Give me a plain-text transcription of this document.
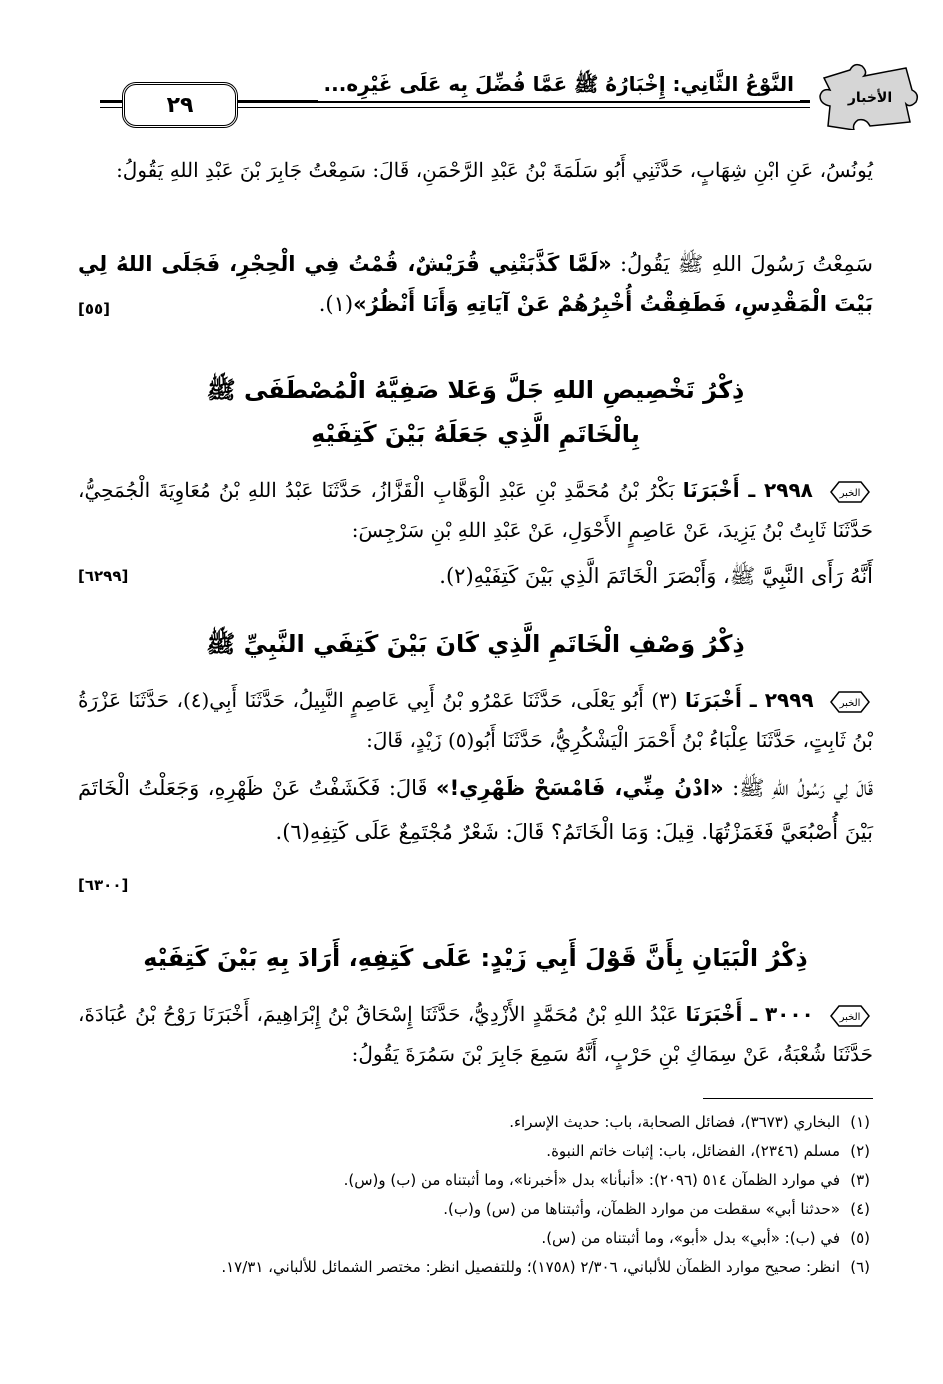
٢٩
النَّوْعُ الثَّانِي: إِخْبَارُهُ ﷺ عَمَّا فُضِّلَ بِه عَلَى غَيْرِه...
الأخبار
يُونُسُ، عَنِ ابْنِ شِهَابٍ، حَدَّثَنِي أَبُو سَلَمَةَ بْنُ عَبْدِ الرَّحْمَنِ، قَالَ: سَمِعْتُ جَابِرَ بْنَ عَبْدِ اللهِ يَقُولُ:
سَمِعْتُ رَسُولَ اللهِ ﷺ يَقُولُ: «لَمَّا كَذَّبَتْنِي قُرَيْشٌ، قُمْتُ فِي الْحِجْرِ، فَجَلَى اللهُ لِي بَيْتَ الْمَقْدِسِ، فَطَفِقْتُ أُخْبِرُهُمْ عَنْ آيَاتِهِ وَأَنَا أَنْظُرُ»(١).
[٥٥]
ذِكْرُ تَخْصِيصِ اللهِ جَلَّ وَعَلا صَفِيَّهُ الْمُصْطَفَى ﷺ
بِالْخَاتَمِ الَّذِي جَعَلَهُ بَيْنَ كَتِفَيْهِ
الخبر
٢٩٩٨ ـ أَخْبَرَنَا بَكْرُ بْنُ مُحَمَّدِ بْنِ عَبْدِ الْوَهَّابِ الْقَزَّازُ، حَدَّثَنَا عَبْدُ اللهِ بْنُ مُعَاوِيَةَ الْجُمَحِيُّ، حَدَّثَنَا ثَابِتُ بْنُ يَزِيدَ، عَنْ عَاصِمٍ الأَحْوَلِ، عَنْ عَبْدِ اللهِ بْنِ سَرْجِسَ:
أَنَّهُ رَأَى النَّبِيَّ ﷺ، وَأَبْصَرَ الْخَاتَمَ الَّذِي بَيْنَ كَتِفَيْهِ(٢).
[٦٢٩٩]
ذِكْرُ وَصْفِ الْخَاتَمِ الَّذِي كَانَ بَيْنَ كَتِفَي النَّبِيِّ ﷺ
الخبر
٢٩٩٩ ـ أَخْبَرَنَا (٣) أَبُو يَعْلَى، حَدَّثَنَا عَمْرُو بْنُ أَبِي عَاصِمٍ النَّبِيلُ، حَدَّثَنَا أَبِي(٤)، حَدَّثَنَا عَزْرَةُ بْنُ ثَابِتٍ، حَدَّثَنَا عِلْبَاءُ بْنُ أَحْمَرَ الْيَشْكُرِيُّ، حَدَّثَنَا أَبُو(٥) زَيْدٍ، قَالَ:
قَالَ لِي رَسُولُ اللهِ ﷺ: «ادْنُ مِنِّي، فَامْسَحْ ظَهْرِي!» قَالَ: فَكَشَفْتُ عَنْ ظَهْرِهِ، وَجَعَلْتُ الْخَاتَمَ بَيْنَ أُصْبُعَيَّ فَغَمَزْتُهَا. قِيلَ: وَمَا الْخَاتَمُ؟ قَالَ: شَعْرٌ مُجْتَمِعٌ عَلَى كَتِفِهِ(٦).
[٦٣٠٠]
ذِكْرُ الْبَيَانِ بِأَنَّ قَوْلَ أَبِي زَيْدٍ: عَلَى كَتِفِهِ، أَرَادَ بِهِ بَيْنَ كَتِفَيْهِ
الخبر
٣٠٠٠ ـ أَخْبَرَنَا عَبْدُ اللهِ بْنُ مُحَمَّدٍ الأَزْدِيُّ، حَدَّثَنَا إِسْحَاقُ بْنُ إِبْرَاهِيمَ، أَخْبَرَنَا رَوْحُ بْنُ عُبَادَةَ، حَدَّثَنَا شُعْبَةُ، عَنْ سِمَاكِ بْنِ حَرْبٍ، أَنَّهُ سَمِعَ جَابِرَ بْنَ سَمُرَةَ يَقُولُ:
(١)البخاري (٣٦٧٣)، فضائل الصحابة، باب: حديث الإسراء.
(٢)مسلم (٢٣٤٦)، الفضائل، باب: إثبات خاتم النبوة.
(٣)في موارد الظمآن ٥١٤ (٢٠٩٦): «أنبأنا» بدل «أخبرنا»، وما أثبتناه من (ب) و(س).
(٤)«حدثنا أبي» سقطت من موارد الظمآن، وأثبتناها من (س) و(ب).
(٥)في (ب): «أبي» بدل «أبو»، وما أثبتناه من (س).
(٦)انظر: صحيح موارد الظمآن للألباني، ٢/٣٠٦ (١٧٥٨)؛ وللتفصيل انظر: مختصر الشمائل للألباني، ١٧/٣١.
